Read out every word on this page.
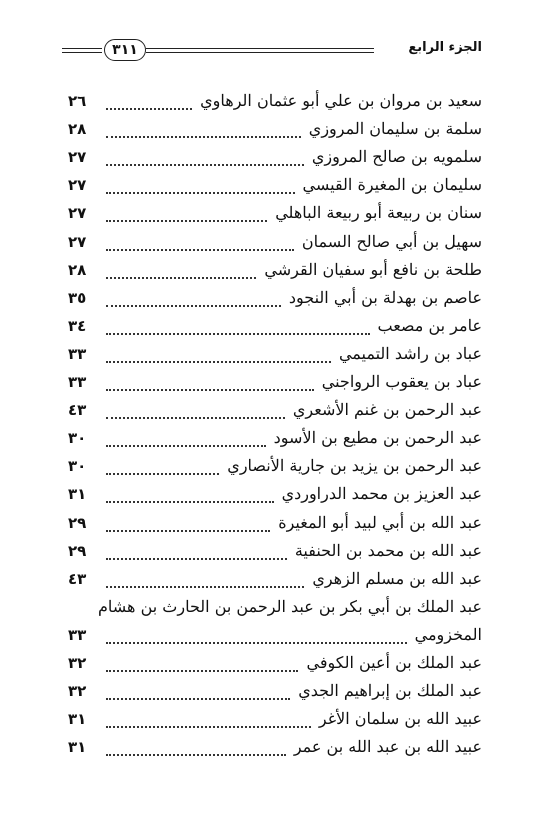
٣١١	الجزء الرابع
سعيد بن مروان بن علي أبو عثمان الرهاوي
٢٦
سلمة بن سليمان المروزي
٢٨
سلمويه بن صالح المروزي
٢٧
سليمان بن المغيرة القيسي
٢٧
سنان بن ربيعة أبو ربيعة الباهلي
٢٧
سهيل بن أبي صالح السمان
٢٧
طلحة بن نافع أبو سفيان القرشي
٢٨
عاصم بن بهدلة بن أبي النجود
٣٥
عامر بن مصعب
٣٤
عباد بن راشد التميمي
٣٣
عباد بن يعقوب الرواجني
٣٣
عبد الرحمن بن غنم الأشعري
٤٣
عبد الرحمن بن مطيع بن الأسود
٣٠
عبد الرحمن بن يزيد بن جارية الأنصاري
٣٠
عبد العزيز بن محمد الدراوردي
٣١
عبد الله بن أبي لبيد أبو المغيرة
٢٩
عبد الله بن محمد بن الحنفية
٢٩
عبد الله بن مسلم الزهري
٤٣
عبد الملك بن أبي بكر بن عبد الرحمن بن الحارث بن هشام
المخزومي
٣٣
عبد الملك بن أعين الكوفي
٣٢
عبد الملك بن إبراهيم الجدي
٣٢
عبيد الله بن سلمان الأغر
٣١
عبيد الله بن عبد الله بن عمر
٣١
